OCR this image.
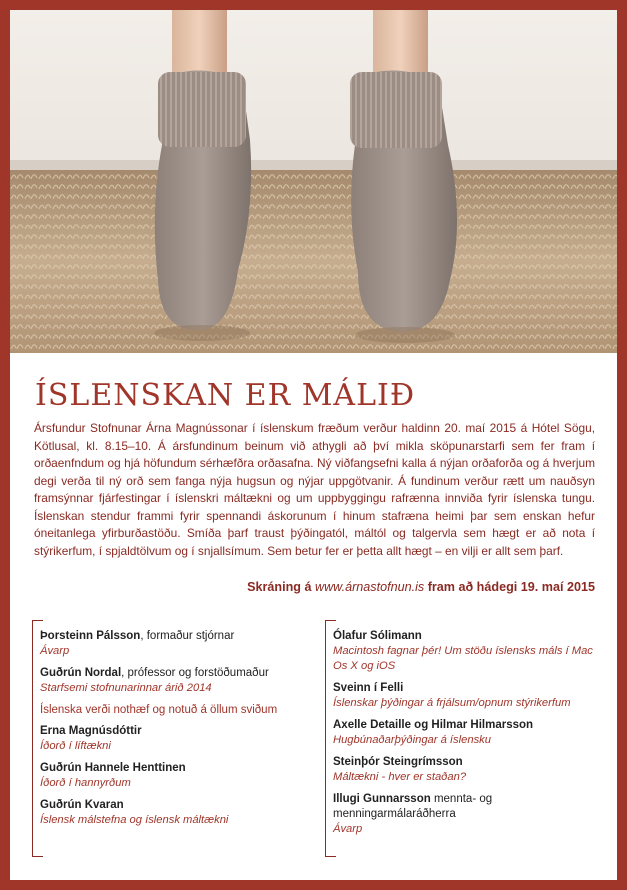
ÍSLENSKAN ER MÁLIÐ

Ársfundur Stofnunar Árna Magnússonar í íslenskum fræðum verður haldinn 20. maí 2015 á Hótel Sögu, Kötlusal, kl. 8.15–10. Á ársfundinum beinum við athygli að því mikla sköpunarstarfi sem fer fram í orðaenfndum og hjá höfundum sérhæfðra orðasafna. Ný viðfangsefni kalla á nýjan orðaforða og á hverjum degi verða til ný orð sem fanga nýja hugsun og nýjar uppgötvanir. Á fundinum verður rætt um nauðsyn framsýnnar fjárfestingar í íslenskri máltækni og um uppbyggingu rafrænna innviða fyrir íslenska tungu. Íslenskan stendur frammi fyrir spennandi áskorunum í hinum stafræna heimi þar sem enskan hefur óneitanlega yfirburðastöðu. Smíða þarf traust þýðingatól, máltól og talgervla sem hægt er að nota í stýrikerfum, í spjaldtölvum og í snjallsímum. Sem betur fer er þetta allt hægt – en vilji er allt sem þarf.

Skráning á www.árnastofnun.is fram að hádegi 19. maí 2015
Þorsteinn Pálsson, formaður stjórnar
Ávarp
Guðrún Nordal, prófessor og forstöðumaður
Starfsemi stofnunarinnar árið 2014
Íslenska verði nothæf og notuð á öllum sviðum
Erna Magnúsdóttir
Íðorð í líftækni
Guðrún Hannele Henttinen
Íðorð í hannyrðum
Guðrún Kvaran
Íslensk málstefna og íslensk máltækni
Ólafur Sólimann
Macintosh fagnar þér! Um stöðu íslensks máls í Mac Os X og iOS
Sveinn í Felli
Íslenskar þýðingar á frjálsum/opnum stýrikerfum
Axelle Detaille og Hilmar Hilmarsson
Hugbúnaðarþýðingar á íslensku
Steinþór Steingrímsson
Máltækni - hver er staðan?
Illugi Gunnarsson mennta- og menningarmálaráðherra
Ávarp
